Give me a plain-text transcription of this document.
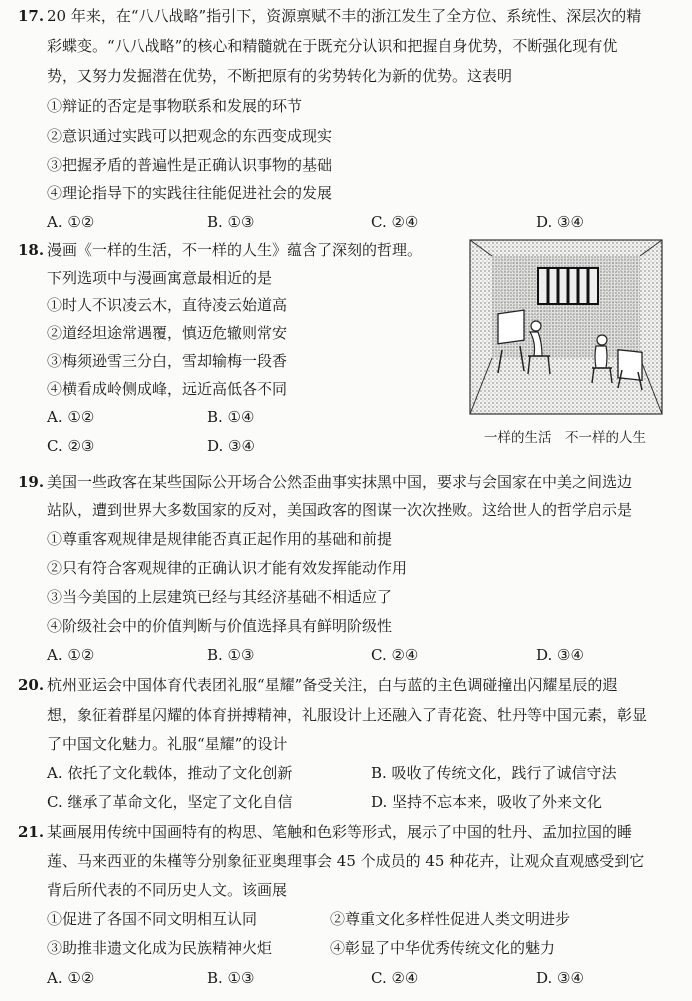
17. 20 年来，在“八八战略”指引下，资源禀赋不丰的浙江发生了全方位、系统性、深层次的精
彩蝶变。“八八战略”的核心和精髓就在于既充分认识和把握自身优势，不断强化现有优
势，又努力发掘潜在优势，不断把原有的劣势转化为新的优势。这表明
①辩证的否定是事物联系和发展的环节
②意识通过实践可以把观念的东西变成现实
③把握矛盾的普遍性是正确认识事物的基础
④理论指导下的实践往往能促进社会的发展
A. ①②	B. ①③	C. ②④	D. ③④
18. 漫画《一样的生活，不一样的人生》蕴含了深刻的哲理。
下列选项中与漫画寓意最相近的是
①时人不识凌云木，直待凌云始道高
②道经坦途常遇覆，慎迈危辙则常安
③梅须逊雪三分白，雪却输梅一段香
④横看成岭侧成峰，远近高低各不同
A. ①②	B. ①④
C. ②③	D. ③④	一样的生活　不一样的人生
19. 美国一些政客在某些国际公开场合公然歪曲事实抹黑中国，要求与会国家在中美之间选边
站队，遭到世界大多数国家的反对，美国政客的图谋一次次挫败。这给世人的哲学启示是
①尊重客观规律是规律能否真正起作用的基础和前提
②只有符合客观规律的正确认识才能有效发挥能动作用
③当今美国的上层建筑已经与其经济基础不相适应了
④阶级社会中的价值判断与价值选择具有鲜明阶级性
A. ①②	B. ①③	C. ②④	D. ③④
20. 杭州亚运会中国体育代表团礼服“星耀”备受关注，白与蓝的主色调碰撞出闪耀星辰的遐
想，象征着群星闪耀的体育拼搏精神，礼服设计上还融入了青花瓷、牡丹等中国元素，彰显
了中国文化魅力。礼服“星耀”的设计
A. 依托了文化载体，推动了文化创新	B. 吸收了传统文化，践行了诚信守法
C. 继承了革命文化，坚定了文化自信	D. 坚持不忘本来，吸收了外来文化
21. 某画展用传统中国画特有的构思、笔触和色彩等形式，展示了中国的牡丹、孟加拉国的睡
莲、马来西亚的朱槿等分别象征亚奥理事会 45 个成员的 45 种花卉，让观众直观感受到它
背后所代表的不同历史人文。该画展
①促进了各国不同文明相互认同	②尊重文化多样性促进人类文明进步
③助推非遗文化成为民族精神火炬	④彰显了中华优秀传统文化的魅力
A. ①②	B. ①③	C. ②④	D. ③④
